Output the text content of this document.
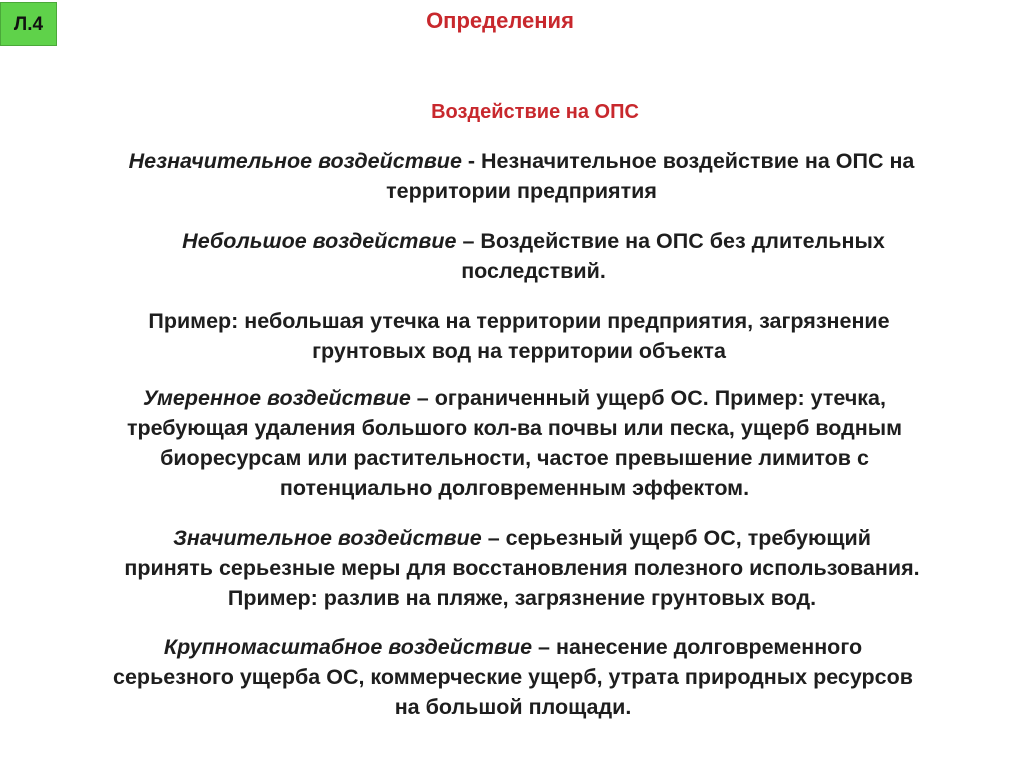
Л.4	Определения
Воздействие на ОПС

Незначительное воздействие - Незначительное воздействие на ОПС на
территории предприятия

Небольшое воздействие – Воздействие на ОПС без длительных
последствий.

Пример: небольшая утечка на территории предприятия, загрязнение
грунтовых вод на территории объекта

Умеренное воздействие – ограниченный ущерб ОС. Пример: утечка,
требующая удаления большого кол-ва почвы или песка, ущерб водным
биоресурсам или растительности, частое превышение лимитов с
потенциально долговременным эффектом.

Значительное воздействие – серьезный ущерб ОС, требующий
принять серьезные меры для восстановления полезного использования.
Пример: разлив на пляже, загрязнение грунтовых вод.

Крупномасштабное воздействие – нанесение долговременного
серьезного ущерба ОС, коммерческие ущерб, утрата природных ресурсов
на большой площади.
